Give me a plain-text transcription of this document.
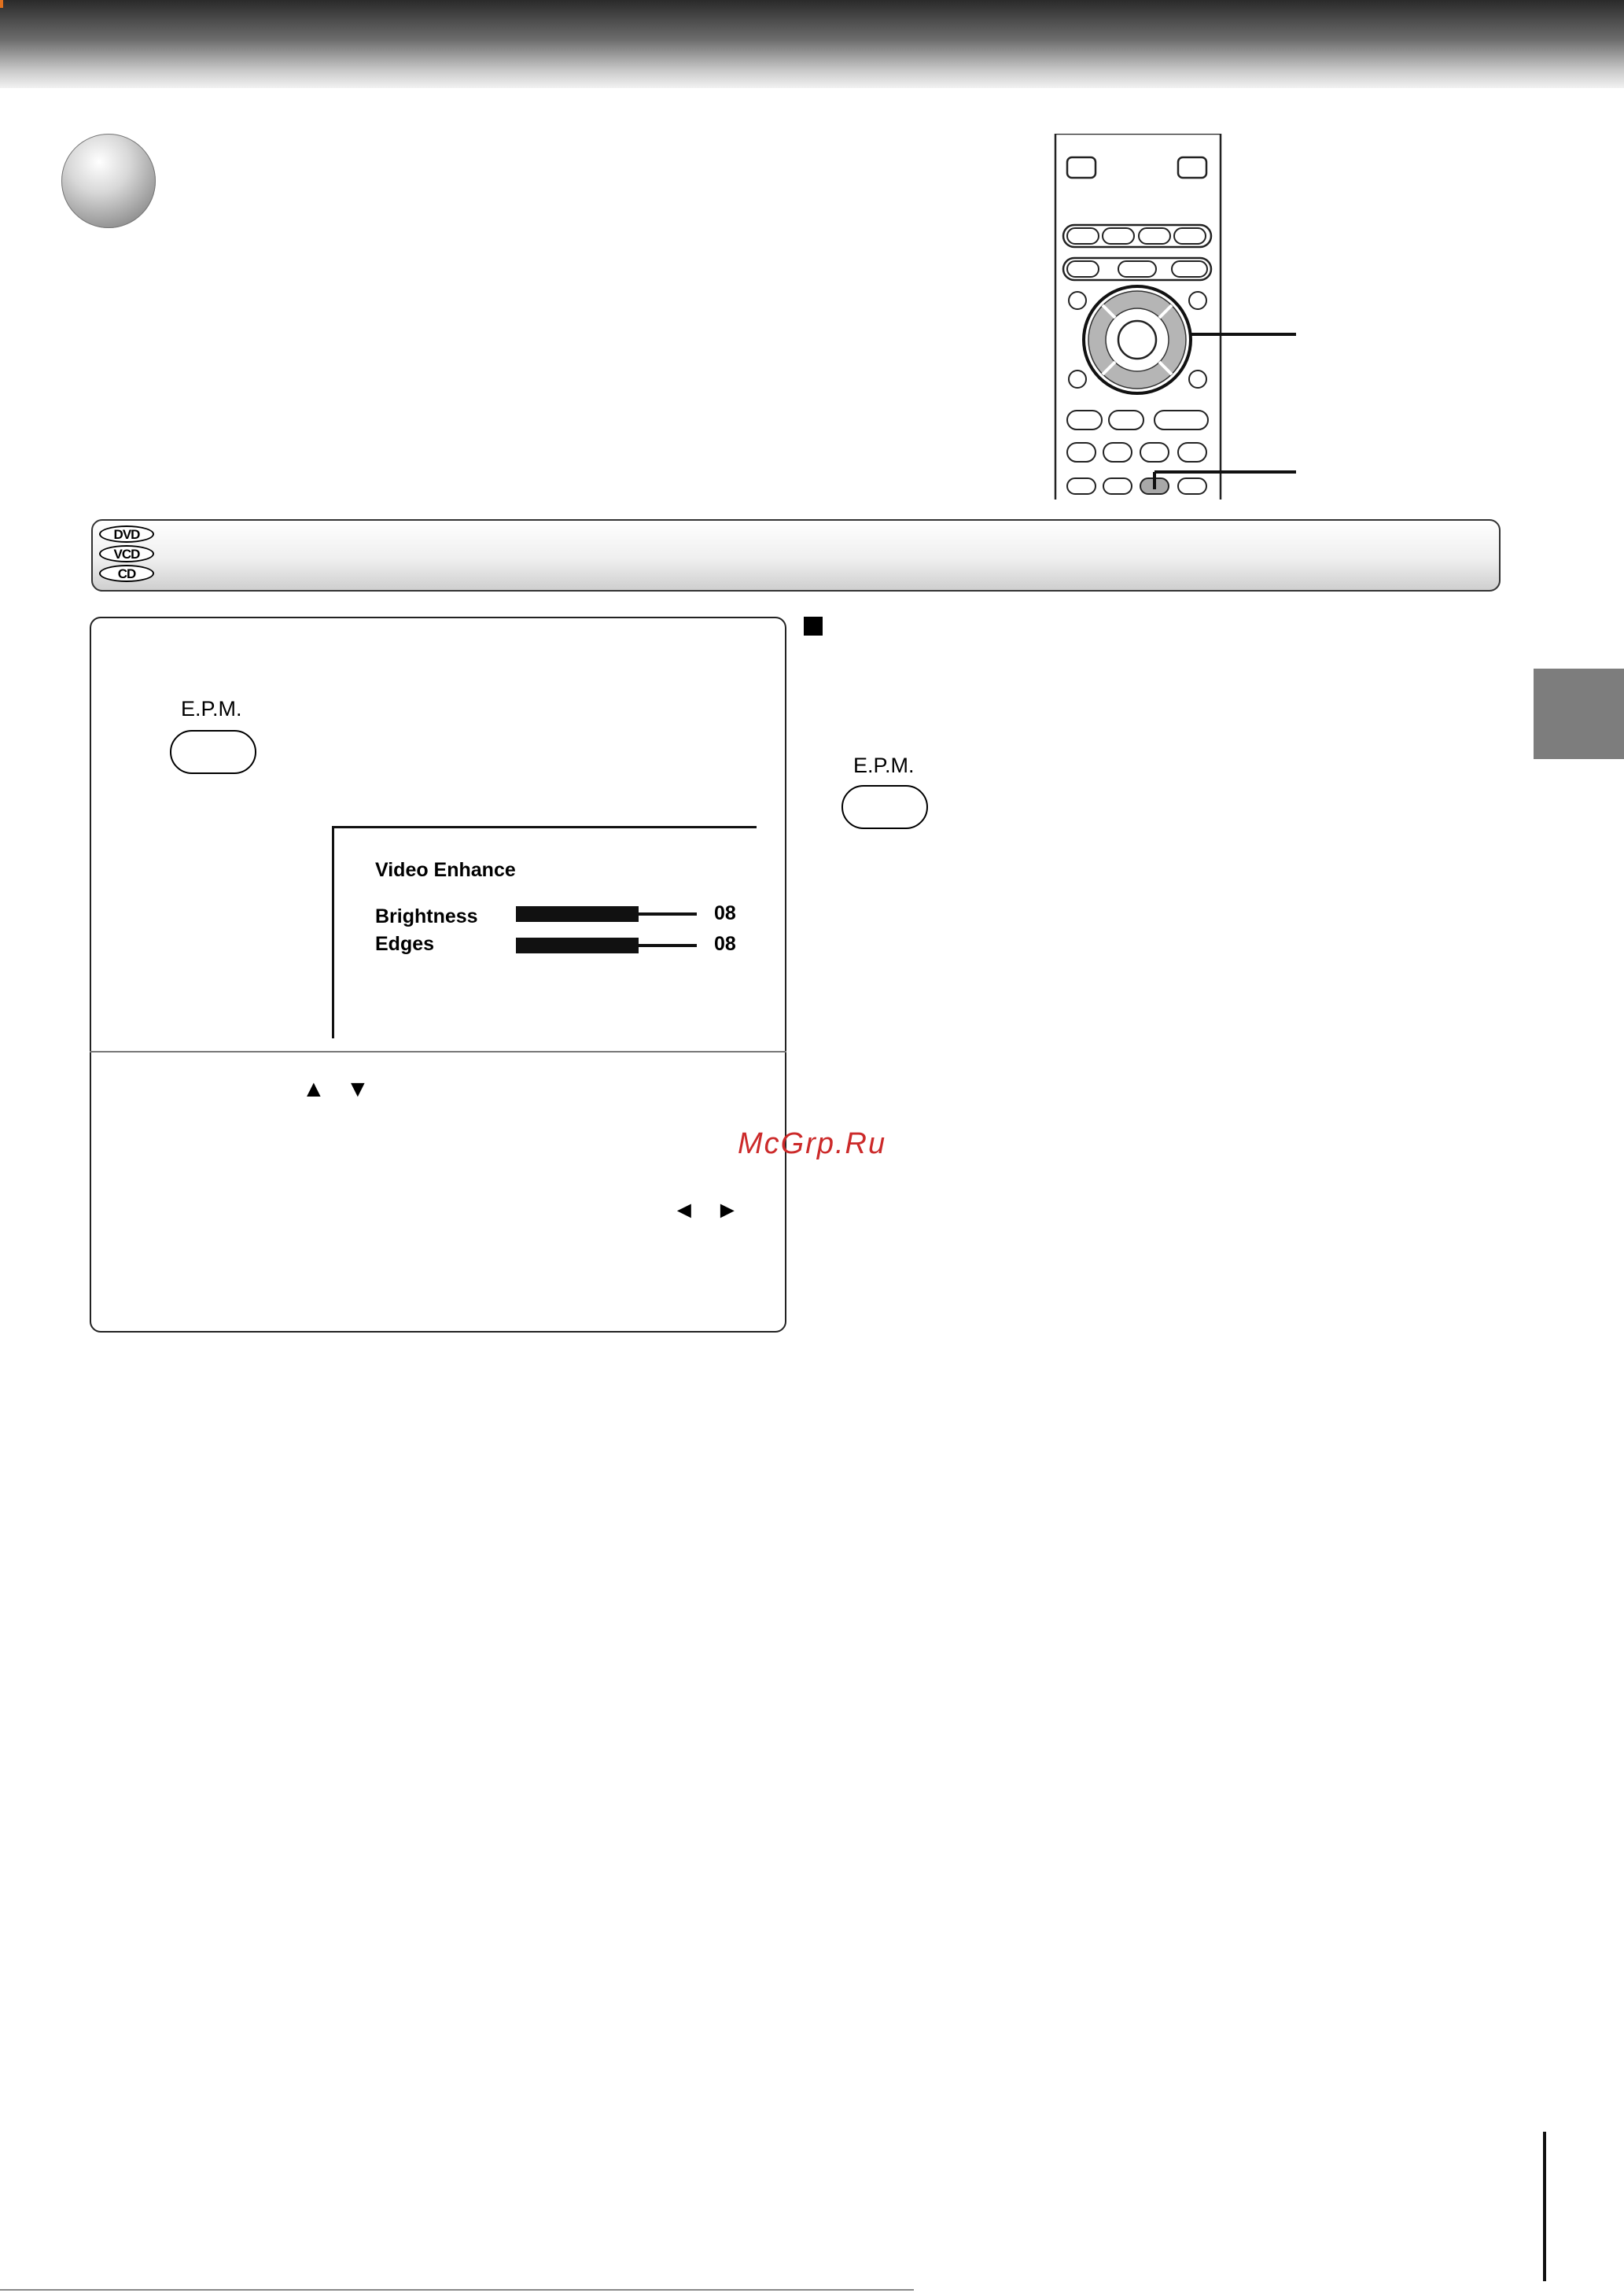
DVD
VCD
CD
E.P.M.
Video Enhance
Brightness	08
Edges	08
▲ ▼
◄ ►
E.P.M.
McGrp.Ru
